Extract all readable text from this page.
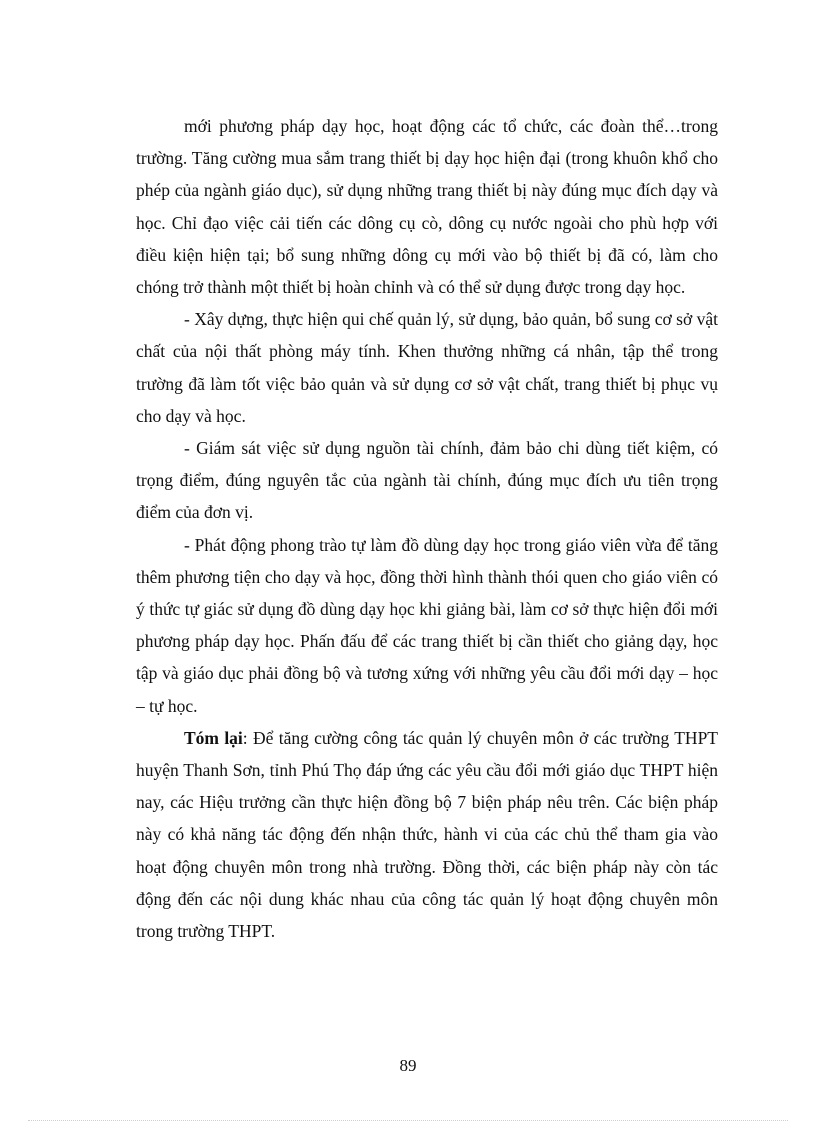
mới phương pháp dạy học, hoạt động các tổ chức, các đoàn thể…trong trường. Tăng cường mua sắm trang thiết bị dạy học hiện đại (trong khuôn khổ cho phép của ngành giáo dục), sử dụng những trang thiết bị này đúng mục đích dạy và học. Chỉ đạo việc cải tiến các dông cụ cò, dông cụ nước ngoài cho phù hợp với điều kiện hiện tại; bổ sung những dông cụ mới vào bộ thiết bị đã có, làm cho chóng trở thành một thiết bị hoàn chỉnh và có thể sử dụng được trong dạy học.

- Xây dựng, thực hiện qui chế quản lý, sử dụng, bảo quản, bổ sung cơ sở vật chất của nội thất phòng máy tính. Khen thưởng những cá nhân, tập thể trong trường đã làm tốt việc bảo quản và sử dụng cơ sở vật chất, trang thiết bị phục vụ cho dạy và học.

- Giám sát việc sử dụng nguồn tài chính, đảm bảo chi dùng tiết kiệm, có trọng điểm, đúng nguyên tắc của ngành tài chính, đúng mục đích ưu tiên trọng điểm của đơn vị.

- Phát động phong trào tự làm đồ dùng dạy học trong giáo viên vừa để tăng thêm phương tiện cho dạy và học, đồng thời hình thành thói quen cho giáo viên có ý thức tự giác sử dụng đồ dùng dạy học khi giảng bài, làm cơ sở thực hiện đổi mới phương pháp dạy học. Phấn đấu để các trang thiết bị cần thiết cho giảng dạy, học tập và giáo dục phải đồng bộ và tương xứng với những yêu cầu đổi mới dạy – học – tự học.

Tóm lại: Để tăng cường công tác quản lý chuyên môn ở các trường THPT huyện Thanh Sơn, tỉnh Phú Thọ đáp ứng các yêu cầu đổi mới giáo dục THPT hiện nay, các Hiệu trưởng cần thực hiện đồng bộ 7 biện pháp nêu trên. Các biện pháp này có khả năng tác động đến nhận thức, hành vi của các chủ thể tham gia vào hoạt động chuyên môn trong nhà trường. Đồng thời, các biện pháp này còn tác động đến các nội dung khác nhau của công tác quản lý hoạt động chuyên môn trong trường THPT.

89
